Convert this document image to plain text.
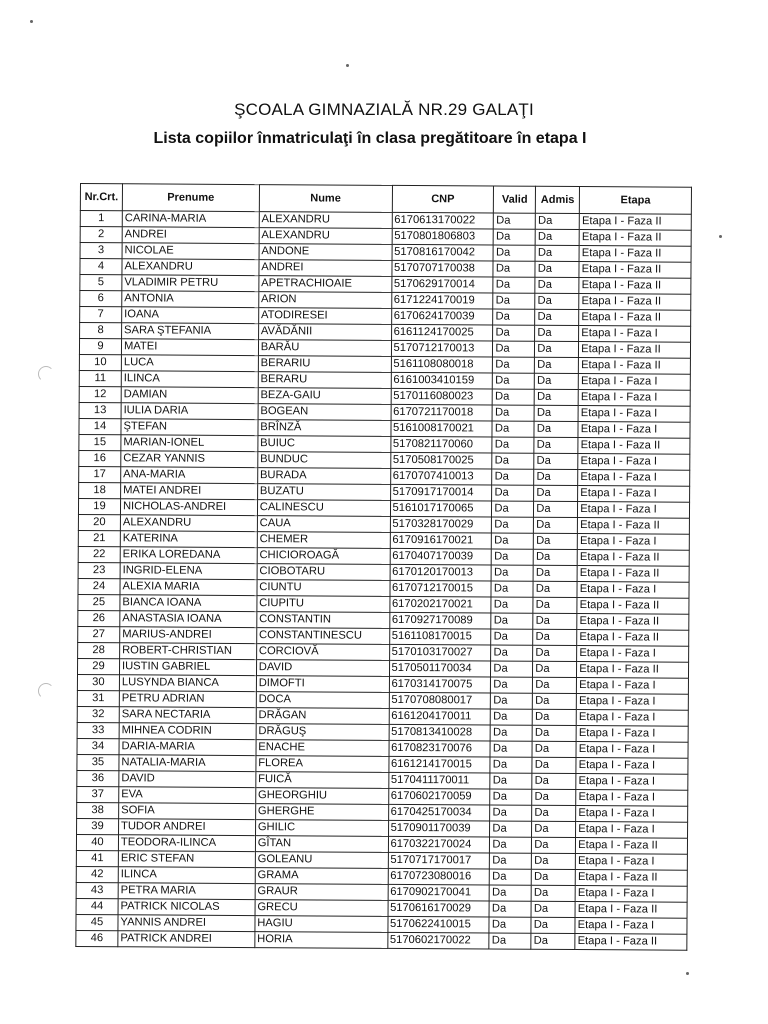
ŞCOALA GIMNAZIALĂ NR.29 GALAŢI
Lista copiilor înmatriculaţi în clasa pregătitoare în etapa I
Nr.Crt.	Prenume	Nume	CNP	Valid	Admis	Etapa
1	CARINA-MARIA	ALEXANDRU	6170613170022	Da	Da	Etapa I - Faza II
2	ANDREI	ALEXANDRU	5170801806803	Da	Da	Etapa I - Faza II
3	NICOLAE	ANDONE	5170816170042	Da	Da	Etapa I - Faza II
4	ALEXANDRU	ANDREI	5170707170038	Da	Da	Etapa I - Faza II
5	VLADIMIR PETRU	APETRACHIOAIE	5170629170014	Da	Da	Etapa I - Faza II
6	ANTONIA	ARION	6171224170019	Da	Da	Etapa I - Faza II
7	IOANA	ATODIRESEI	6170624170039	Da	Da	Etapa I - Faza II
8	SARA ŞTEFANIA	AVĂDĂNII	6161124170025	Da	Da	Etapa I - Faza I
9	MATEI	BARĂU	5170712170013	Da	Da	Etapa I - Faza II
10	LUCA	BERARIU	5161108080018	Da	Da	Etapa I - Faza II
11	ILINCA	BERARU	6161003410159	Da	Da	Etapa I - Faza I
12	DAMIAN	BEZA-GAIU	5170116080023	Da	Da	Etapa I - Faza I
13	IULIA DARIA	BOGEAN	6170721170018	Da	Da	Etapa I - Faza I
14	ŞTEFAN	BRÎNZĂ	5161008170021	Da	Da	Etapa I - Faza I
15	MARIAN-IONEL	BUIUC	5170821170060	Da	Da	Etapa I - Faza II
16	CEZAR YANNIS	BUNDUC	5170508170025	Da	Da	Etapa I - Faza I
17	ANA-MARIA	BURADA	6170707410013	Da	Da	Etapa I - Faza I
18	MATEI ANDREI	BUZATU	5170917170014	Da	Da	Etapa I - Faza I
19	NICHOLAS-ANDREI	CALINESCU	5161017170065	Da	Da	Etapa I - Faza I
20	ALEXANDRU	CAUA	5170328170029	Da	Da	Etapa I - Faza II
21	KATERINA	CHEMER	6170916170021	Da	Da	Etapa I - Faza I
22	ERIKA LOREDANA	CHICIOROAGĂ	6170407170039	Da	Da	Etapa I - Faza II
23	INGRID-ELENA	CIOBOTARU	6170120170013	Da	Da	Etapa I - Faza II
24	ALEXIA MARIA	CIUNTU	6170712170015	Da	Da	Etapa I - Faza I
25	BIANCA IOANA	CIUPITU	6170202170021	Da	Da	Etapa I - Faza II
26	ANASTASIA IOANA	CONSTANTIN	6170927170089	Da	Da	Etapa I - Faza II
27	MARIUS-ANDREI	CONSTANTINESCU	5161108170015	Da	Da	Etapa I - Faza II
28	ROBERT-CHRISTIAN	CORCIOVĂ	5170103170027	Da	Da	Etapa I - Faza I
29	IUSTIN GABRIEL	DAVID	5170501170034	Da	Da	Etapa I - Faza II
30	LUSYNDA BIANCA	DIMOFTI	6170314170075	Da	Da	Etapa I - Faza I
31	PETRU ADRIAN	DOCA	5170708080017	Da	Da	Etapa I - Faza I
32	SARA NECTARIA	DRĂGAN	6161204170011	Da	Da	Etapa I - Faza I
33	MIHNEA CODRIN	DRĂGUŞ	5170813410028	Da	Da	Etapa I - Faza I
34	DARIA-MARIA	ENACHE	6170823170076	Da	Da	Etapa I - Faza I
35	NATALIA-MARIA	FLOREA	6161214170015	Da	Da	Etapa I - Faza I
36	DAVID	FUICĂ	5170411170011	Da	Da	Etapa I - Faza I
37	EVA	GHEORGHIU	6170602170059	Da	Da	Etapa I - Faza I
38	SOFIA	GHERGHE	6170425170034	Da	Da	Etapa I - Faza I
39	TUDOR ANDREI	GHILIC	5170901170039	Da	Da	Etapa I - Faza I
40	TEODORA-ILINCA	GÎTAN	6170322170024	Da	Da	Etapa I - Faza II
41	ERIC STEFAN	GOLEANU	5170717170017	Da	Da	Etapa I - Faza I
42	ILINCA	GRAMA	6170723080016	Da	Da	Etapa I - Faza II
43	PETRA MARIA	GRAUR	6170902170041	Da	Da	Etapa I - Faza I
44	PATRICK NICOLAS	GRECU	5170616170029	Da	Da	Etapa I - Faza II
45	YANNIS ANDREI	HAGIU	5170622410015	Da	Da	Etapa I - Faza I
46	PATRICK ANDREI	HORIA	5170602170022	Da	Da	Etapa I - Faza II
